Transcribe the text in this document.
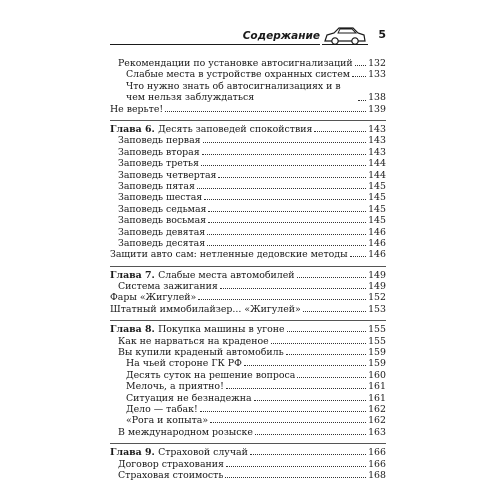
Содержание	5
Рекомендации по установке автосигнализаций 132
Слабые места в устройстве охранных систем 133
Что нужно знать об автосигнализациях и в чем нельзя заблуждаться	138
Не верьте!	139
Глава 6. Десять заповедей спокойствия	143
Заповедь первая	143
Заповедь вторая	143
Заповедь третья	144
Заповедь четвертая	144
Заповедь пятая	145
Заповедь шестая	145
Заповедь седьмая	145
Заповедь восьмая	145
Заповедь девятая	146
Заповедь десятая	146
Защити авто сам: нетленные дедовские методы 146
Глава 7. Слабые места автомобилей	149
Система зажигания	149
Фары «Жигулей»	152
Штатный иммобилайзер... «Жигулей»	153
Глава 8. Покупка машины в угоне	155
Как не нарваться на краденое	155
Вы купили краденый автомобиль	159
На чьей стороне ГК РФ	159
Десять суток на решение вопроса	160
Мелочь, а приятно!	161
Ситуация не безнадежна	161
Дело — табак!	162
«Рога и копыта»	162
В международном розыске	163
Глава 9. Страховой случай	166
Договор страхования	166
Страховая стоимость	168
